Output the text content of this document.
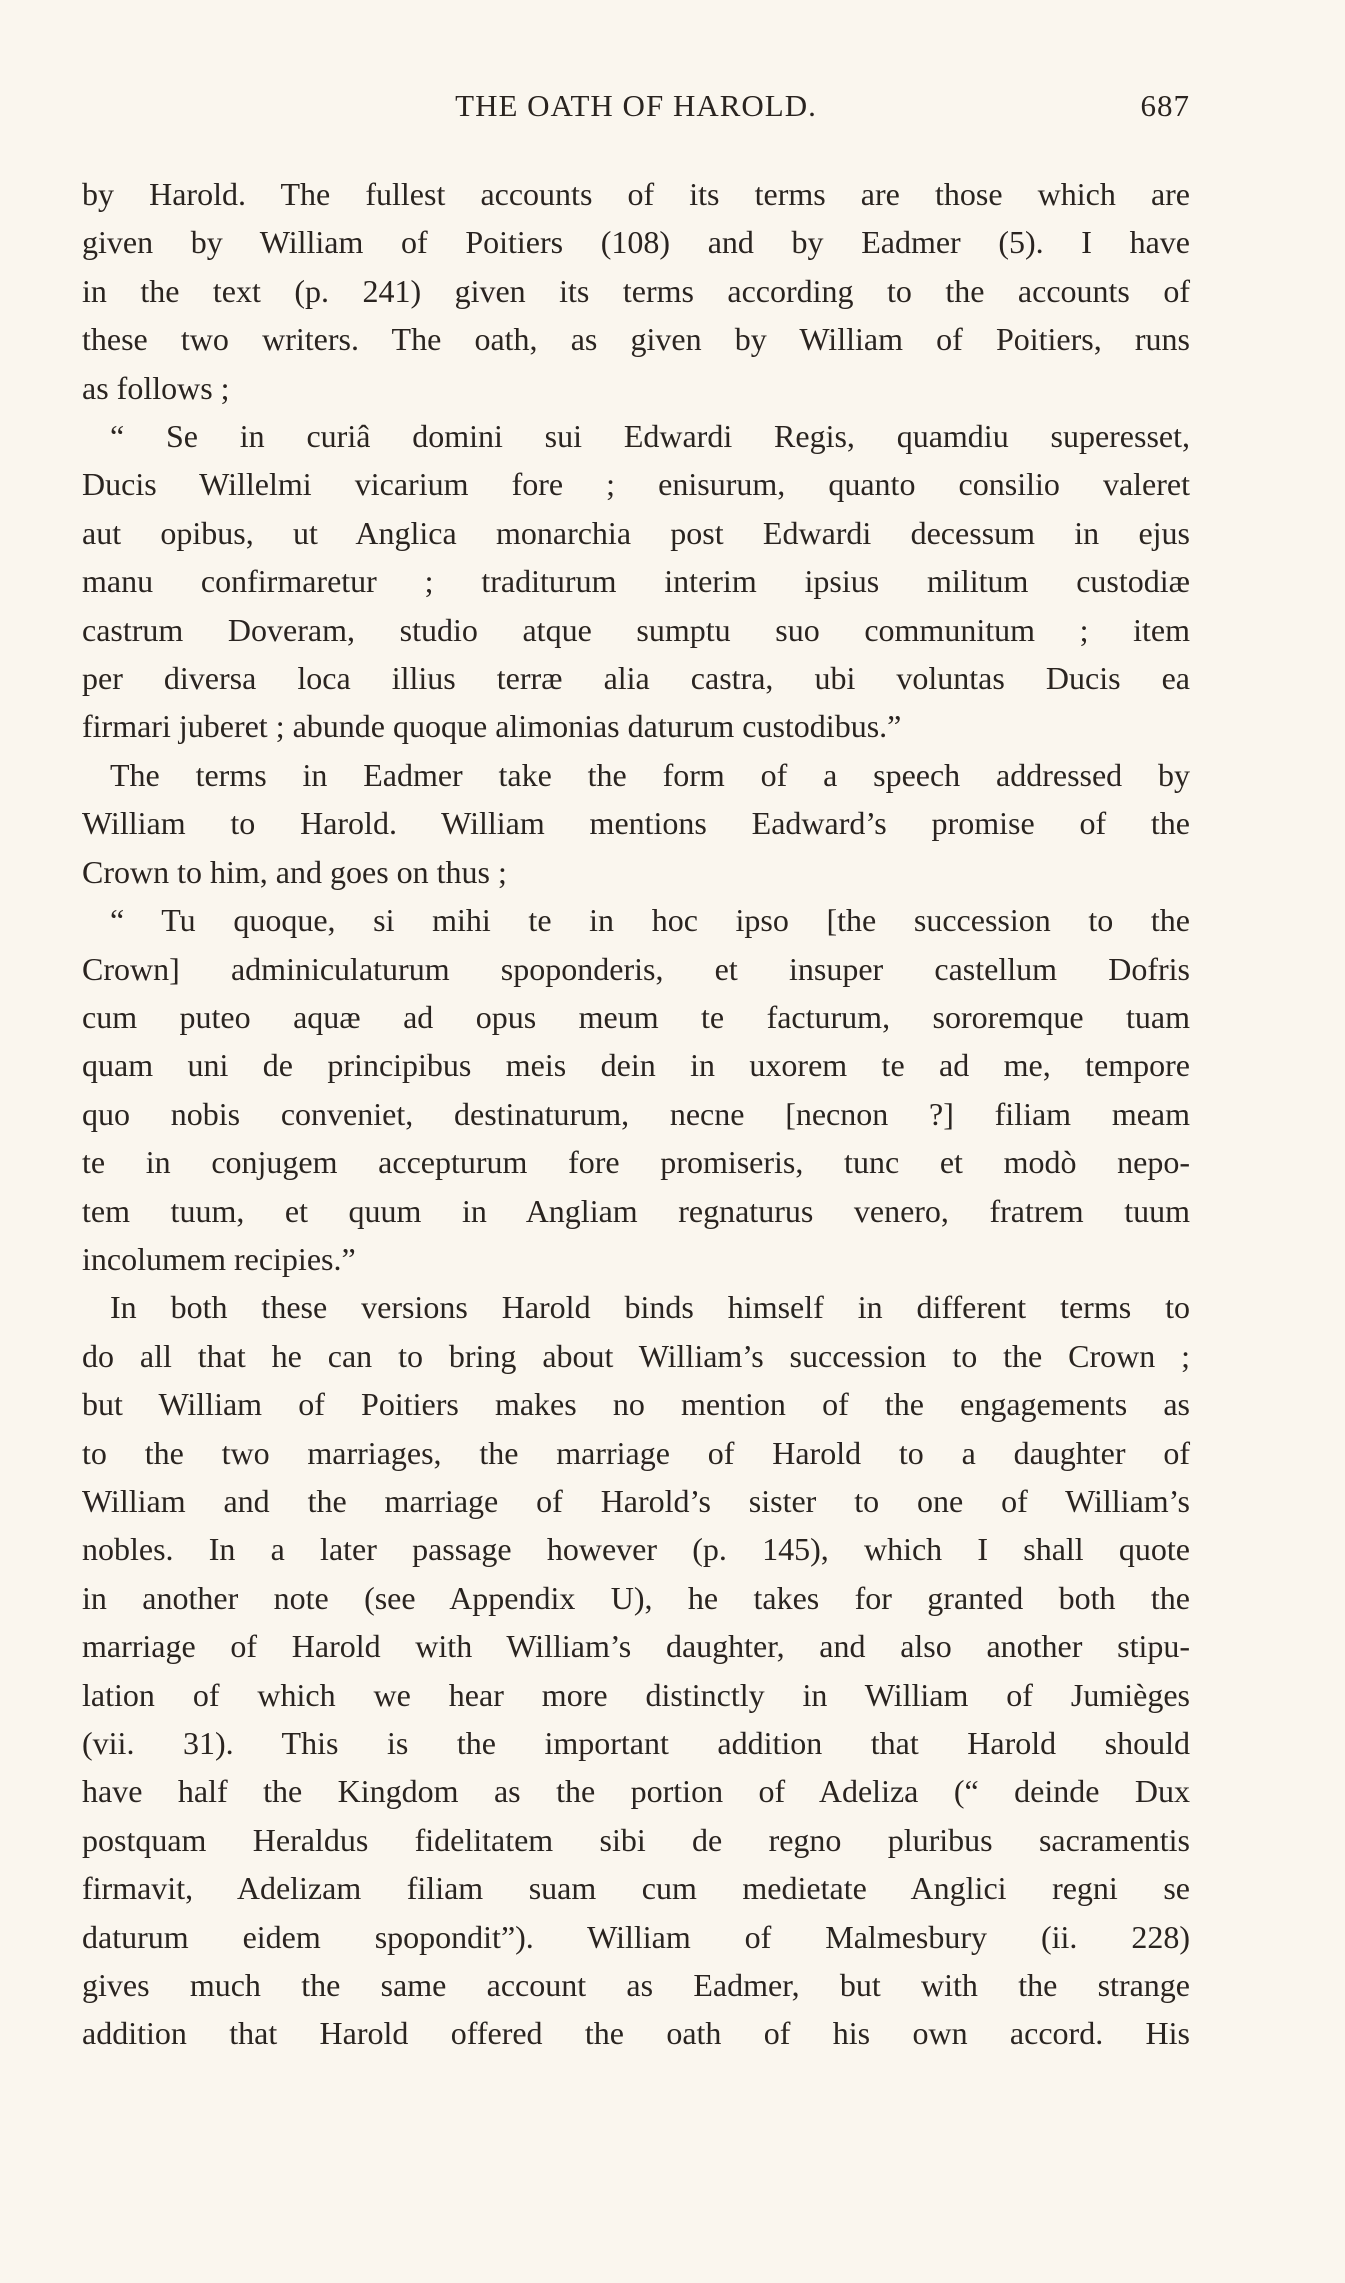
THE OATH OF HAROLD.	687

by Harold. The fullest accounts of its terms are those which are

given by William of Poitiers (108) and by Eadmer (5). I have

in the text (p. 241) given its terms according to the accounts of

these two writers. The oath, as given by William of Poitiers, runs

as follows ;

“ Se in curiâ domini sui Edwardi Regis, quamdiu superesset,

Ducis Willelmi vicarium fore ; enisurum, quanto consilio valeret

aut opibus, ut Anglica monarchia post Edwardi decessum in ejus

manu confirmaretur ; traditurum interim ipsius militum custodiæ

castrum Doveram, studio atque sumptu suo communitum ; item

per diversa loca illius terræ alia castra, ubi voluntas Ducis ea

firmari juberet ; abunde quoque alimonias daturum custodibus.”

The terms in Eadmer take the form of a speech addressed by

William to Harold. William mentions Eadward’s promise of the

Crown to him, and goes on thus ;

“ Tu quoque, si mihi te in hoc ipso [the succession to the

Crown] adminiculaturum spoponderis, et insuper castellum Dofris

cum puteo aquæ ad opus meum te facturum, sororemque tuam

quam uni de principibus meis dein in uxorem te ad me, tempore

quo nobis conveniet, destinaturum, necne [necnon ?] filiam meam

te in conjugem accepturum fore promiseris, tunc et modò nepo-

tem tuum, et quum in Angliam regnaturus venero, fratrem tuum

incolumem recipies.”

In both these versions Harold binds himself in different terms to

do all that he can to bring about William’s succession to the Crown ;

but William of Poitiers makes no mention of the engagements as

to the two marriages, the marriage of Harold to a daughter of

William and the marriage of Harold’s sister to one of William’s

nobles. In a later passage however (p. 145), which I shall quote

in another note (see Appendix U), he takes for granted both the

marriage of Harold with William’s daughter, and also another stipu-

lation of which we hear more distinctly in William of Jumièges

(vii. 31). This is the important addition that Harold should

have half the Kingdom as the portion of Adeliza (“ deinde Dux

postquam Heraldus fidelitatem sibi de regno pluribus sacramentis

firmavit, Adelizam filiam suam cum medietate Anglici regni se

daturum eidem spopondit”). William of Malmesbury (ii. 228)

gives much the same account as Eadmer, but with the strange

addition that Harold offered the oath of his own accord. His
